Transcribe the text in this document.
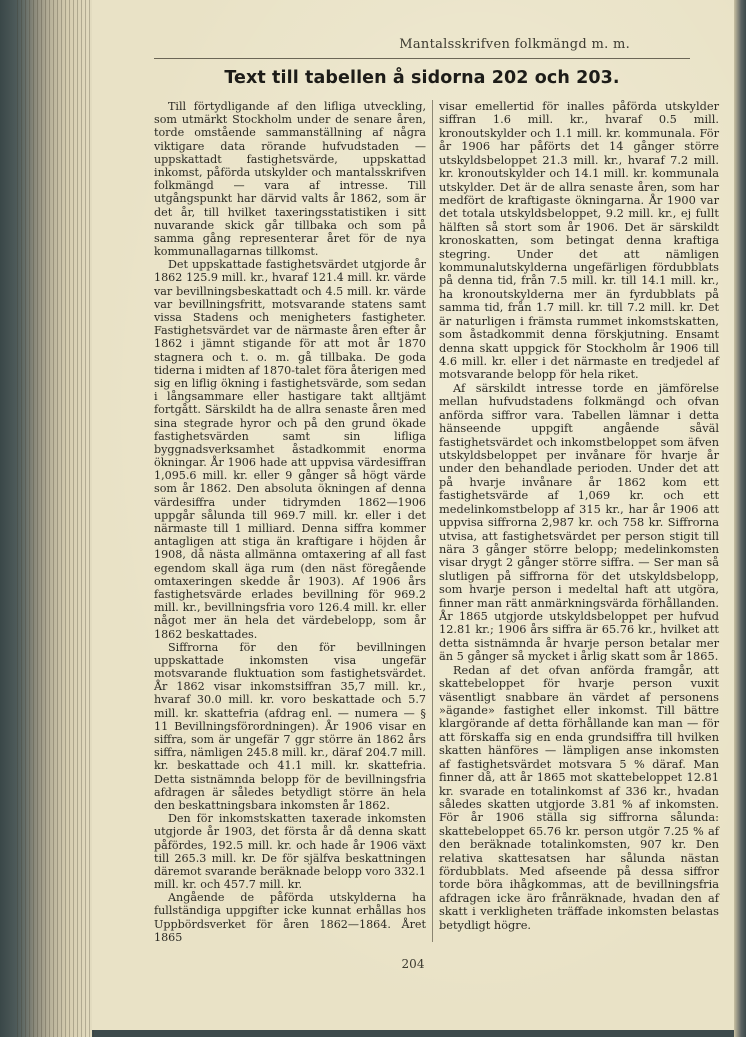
Mantalsskrifven folkmängd m. m.
Text till tabellen å sidorna 202 och 203.

Till förtydligande af den lifliga utveckling, som utmärkt Stockholm under de senare åren, torde omstående sammanställning af några viktigare data rörande hufvudstaden — uppskattadt fastighetsvärde, uppskattad inkomst, påförda utskylder och mantalsskrifven folkmängd — vara af intresse. Till utgångspunkt har därvid valts år 1862, som är det år, till hvilket taxeringsstatistiken i sitt nuvarande skick går tillbaka och som på samma gång representerar året för de nya kommunallagarnas tillkomst.

Det uppskattade fastighetsvärdet utgjorde år 1862 125.9 mill. kr., hvaraf 121.4 mill. kr. värde var bevillningsbeskattadt och 4.5 mill. kr. värde var bevillningsfritt, motsvarande statens samt vissa Stadens och menigheters fastigheter. Fastighetsvärdet var de närmaste åren efter år 1862 i jämnt stigande för att mot år 1870 stagnera och t. o. m. gå tillbaka. De goda tiderna i midten af 1870-talet föra återigen med sig en liflig ökning i fastighetsvärde, som sedan i långsammare eller hastigare takt alltjämt fortgått. Särskildt ha de allra senaste åren med sina stegrade hyror och på den grund ökade fastighetsvärden samt sin lifliga byggnadsverksamhet åstadkommit enorma ökningar. År 1906 hade att uppvisa värdesiffran 1,095.6 mill. kr. eller 9 gånger så högt värde som år 1862. Den absoluta ökningen af denna värdesiffra under tidrymden 1862—1906 uppgår sålunda till 969.7 mill. kr. eller i det närmaste till 1 milliard. Denna siffra kommer antagligen att stiga än kraftigare i höjden år 1908, då nästa allmänna omtaxering af all fast egendom skall äga rum (den näst föregående omtaxeringen skedde år 1903). Af 1906 års fastighetsvärde erlades bevillning för 969.2 mill. kr., bevillningsfria voro 126.4 mill. kr. eller något mer än hela det värdebelopp, som år 1862 beskattades.

Siffrorna för den för bevillningen uppskattade inkomsten visa ungefär motsvarande fluktuation som fastighetsvärdet. År 1862 visar inkomstsiffran 35,7 mill. kr., hvaraf 30.0 mill. kr. voro beskattade och 5.7 mill. kr. skattefria (afdrag enl. — numera — § 11 Bevillningsförordningen). År 1906 visar en siffra, som är ungefär 7 ggr större än 1862 års siffra, nämligen 245.8 mill. kr., däraf 204.7 mill. kr. beskattade och 41.1 mill. kr. skattefria. Detta sistnämnda belopp för de bevillningsfria afdragen är således betydligt större än hela den beskattningsbara inkomsten år 1862.

Den för inkomstskatten taxerade inkomsten utgjorde år 1903, det första år då denna skatt påfördes, 192.5 mill. kr. och hade år 1906 växt till 265.3 mill. kr. De för själfva beskattningen däremot svarande beräknade belopp voro 332.1 mill. kr. och 457.7 mill. kr.

Angående de påförda utskylderna ha fullständiga uppgifter icke kunnat erhållas hos Uppbördsverket för åren 1862—1864. Året 1865

visar emellertid för inalles påförda utskylder siffran 1.6 mill. kr., hvaraf 0.5 mill. kronoutskylder och 1.1 mill. kr. kommunala. För år 1906 har påförts det 14 gånger större utskyldsbeloppet 21.3 mill. kr., hvaraf 7.2 mill. kr. kronoutskylder och 14.1 mill. kr. kommunala utskylder. Det är de allra senaste åren, som har medfört de kraftigaste ökningarna. År 1900 var det totala utskyldsbeloppet, 9.2 mill. kr., ej fullt hälften så stort som år 1906. Det är särskildt kronoskatten, som betingat denna kraftiga stegring. Under det att nämligen kommunalutskylderna ungefärligen fördubblats på denna tid, från 7.5 mill. kr. till 14.1 mill. kr., ha kronoutskylderna mer än fyrdubblats på samma tid, från 1.7 mill. kr. till 7.2 mill. kr. Det är naturligen i främsta rummet inkomstskatten, som åstadkommit denna förskjutning. Ensamt denna skatt uppgick för Stockholm år 1906 till 4.6 mill. kr. eller i det närmaste en tredjedel af motsvarande belopp för hela riket.

Af särskildt intresse torde en jämförelse mellan hufvudstadens folkmängd och ofvan anförda siffror vara. Tabellen lämnar i detta hänseende uppgift angående såväl fastighetsvärdet och inkomstbeloppet som äfven utskyldsbeloppet per invånare för hvarje år under den behandlade perioden. Under det att på hvarje invånare år 1862 kom ett fastighetsvärde af 1,069 kr. och ett medelinkomstbelopp af 315 kr., har år 1906 att uppvisa siffrorna 2,987 kr. och 758 kr. Siffrorna utvisa, att fastighetsvärdet per person stigit till nära 3 gånger större belopp; medelinkomsten visar drygt 2 gånger större siffra. — Ser man så slutligen på siffrorna för det utskyldsbelopp, som hvarje person i medeltal haft att utgöra, finner man rätt anmärkningsvärda förhållanden. År 1865 utgjorde utskyldsbeloppet per hufvud 12.81 kr.; 1906 års siffra är 65.76 kr., hvilket att detta sistnämnda år hvarje person betalar mer än 5 gånger så mycket i årlig skatt som år 1865.

Redan af det ofvan anförda framgår, att skattebeloppet för hvarje person vuxit väsentligt snabbare än värdet af personens »ägande» fastighet eller inkomst. Till bättre klargörande af detta förhållande kan man — för att förskaffa sig en enda grundsiffra till hvilken skatten hänföres — lämpligen anse inkomsten af fastighetsvärdet motsvara 5 % däraf. Man finner då, att år 1865 mot skattebeloppet 12.81 kr. svarade en totalinkomst af 336 kr., hvadan således skatten utgjorde 3.81 % af inkomsten. För år 1906 ställa sig siffrorna sålunda: skattebeloppet 65.76 kr. person utgör 7.25 % af den beräknade totalinkomsten, 907 kr. Den relativa skattesatsen har sålunda nästan fördubblats. Med afseende på dessa siffror torde böra ihågkommas, att de bevillningsfria afdragen icke äro frånräknade, hvadan den af skatt i verkligheten träffade inkomsten belastas betydligt högre.

204
